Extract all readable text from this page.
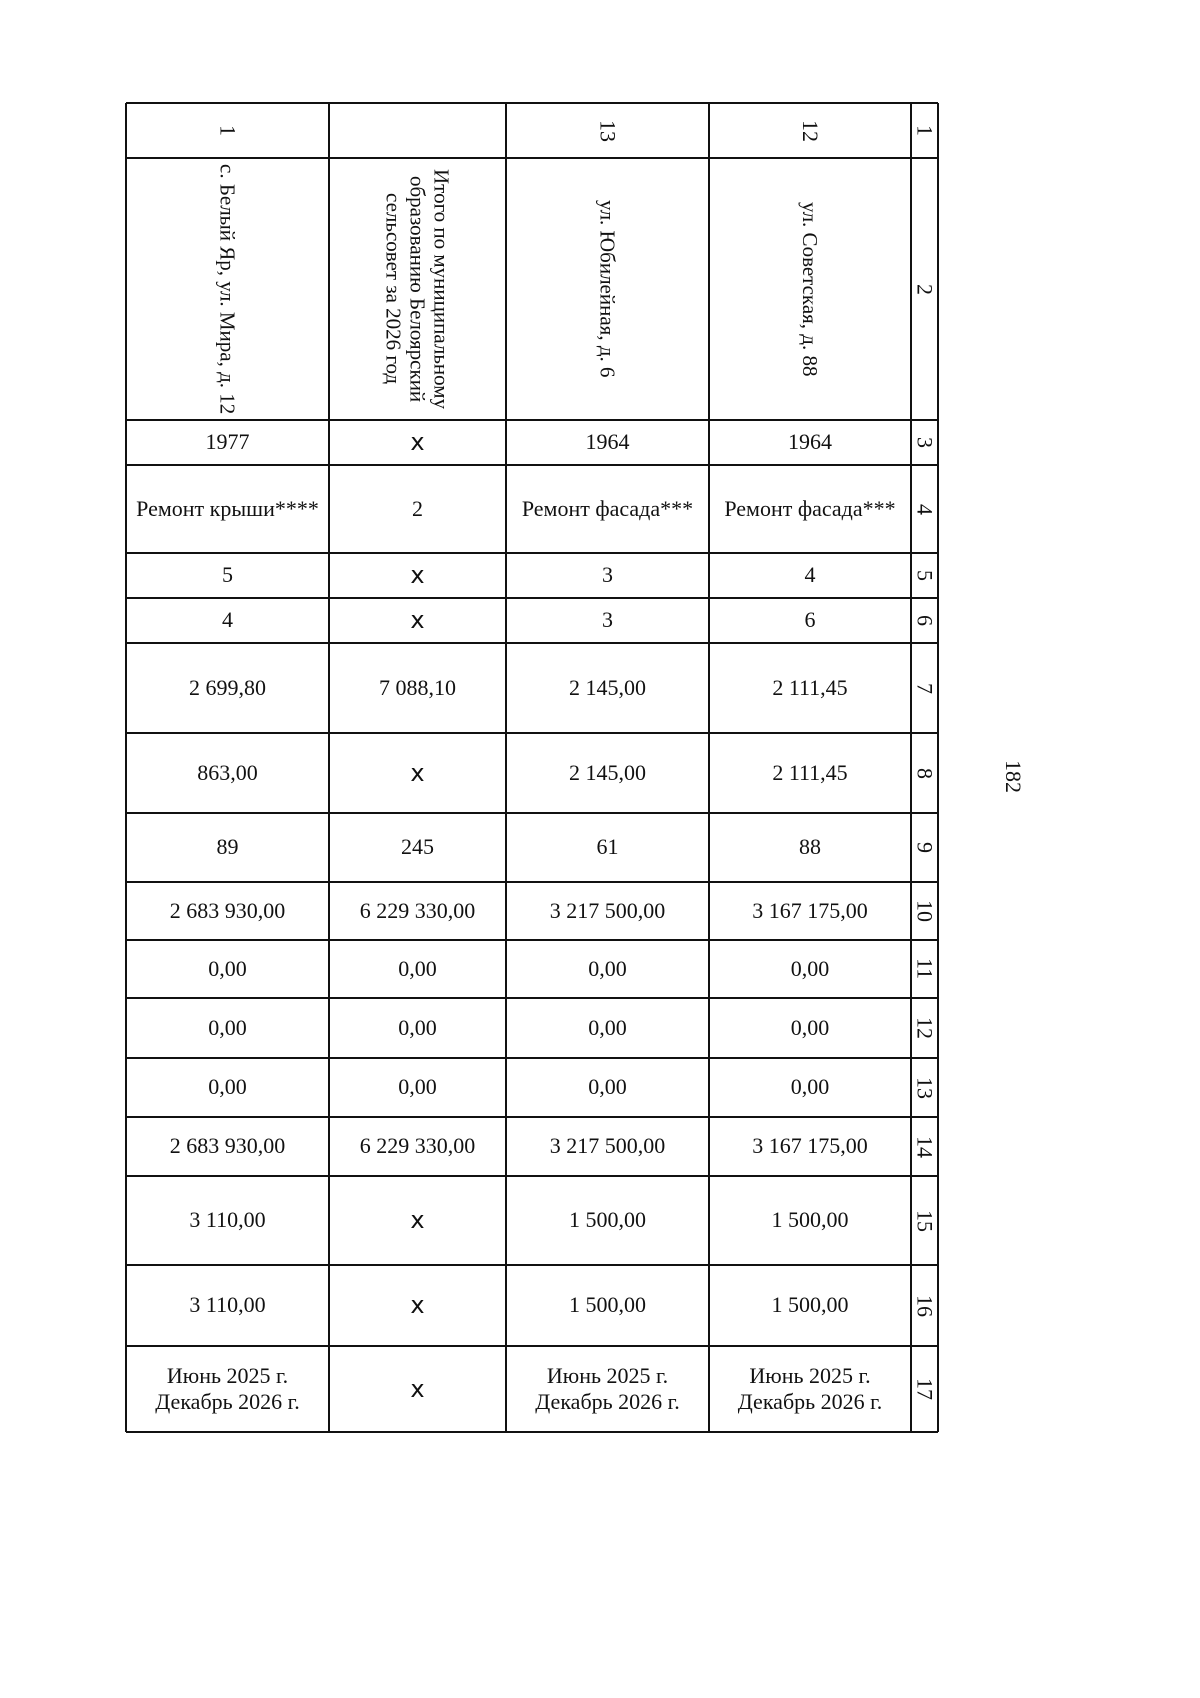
1
2
3
4
5
6
7
8
9
10
11
12
13
14
15
16
17
1
с. Белый Яр, ул. Мира, д. 12
1977
Ремонт крыши****
5
4
2 699,80
863,00
89
2 683 930,00
0,00
0,00
0,00
2 683 930,00
3 110,00
3 110,00
Июнь 2025 г.
Декабрь 2026 г.
Итого по муниципальному образованию Белоярский сельсовет за 2026 год
х
2
х
х
7 088,10
х
245
6 229 330,00
0,00
0,00
0,00
6 229 330,00
х
х
х
13
ул. Юбилейная, д. 6
1964
Ремонт фасада***
3
3
2 145,00
2 145,00
61
3 217 500,00
0,00
0,00
0,00
3 217 500,00
1 500,00
1 500,00
Июнь 2025 г.
Декабрь 2026 г.
12
ул. Советская, д. 88
1964
Ремонт фасада***
4
6
2 111,45
2 111,45
88
3 167 175,00
0,00
0,00
0,00
3 167 175,00
1 500,00
1 500,00
Июнь 2025 г.
Декабрь 2026 г.
182
